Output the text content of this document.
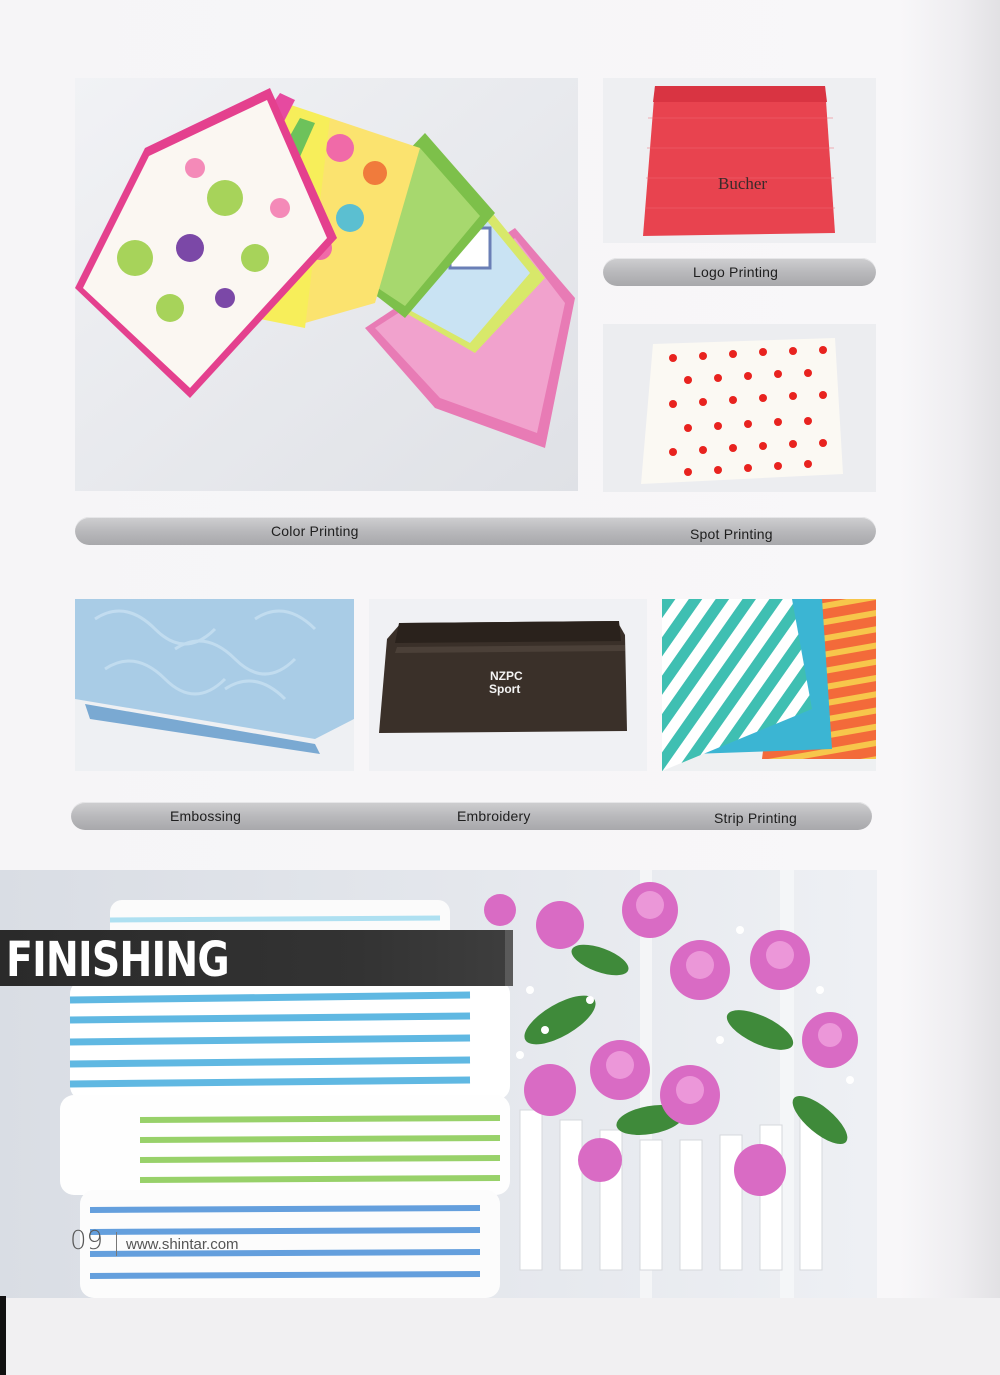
Bucher
Logo Printing
Color Printing	Spot Printing
NZPC
Sport
Embossing	Embroidery	Strip Printing
FINISHING
09 www.shintar.com
